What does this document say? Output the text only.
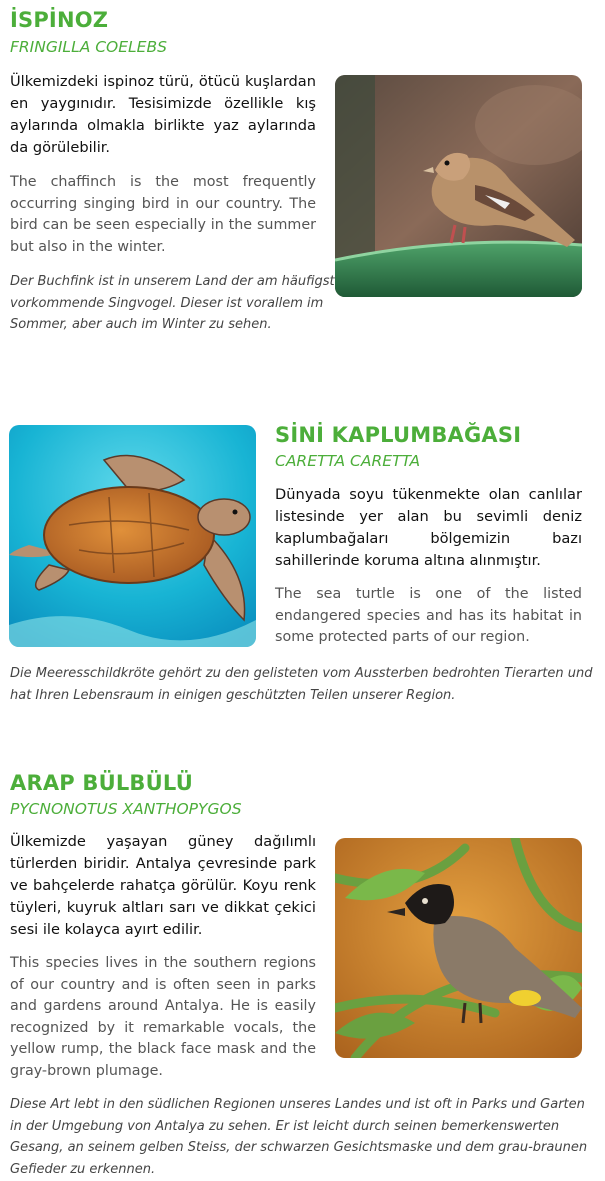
İSPİNOZ
FRINGILLA COELEBS

Ülkemizdeki ispinoz türü, ötücü kuşlardan en yaygınıdır. Tesisimizde özellikle kış aylarında olmakla birlikte yaz aylarında da görülebilir.

The chaffinch is the most frequently occurring singing bird in our country. The bird can be seen especially in the summer but also in the winter.

Der Buchfink ist in unserem Land der am häufigst vorkommende Singvogel. Dieser ist vorallem im Sommer, aber auch im Winter zu sehen.

SİNİ KAPLUMBAĞASI
CARETTA CARETTA

Dünyada soyu tükenmekte olan canlılar listesinde yer alan bu sevimli deniz kaplumbağaları bölgemizin bazı sahillerinde koruma altına alınmıştır.

The sea turtle is one of the listed endangered species and has its habitat in some protected parts of our region.

Die Meeresschildkröte gehört zu den gelisteten vom Aussterben bedrohten Tierarten und hat Ihren Lebensraum in einigen geschützten Teilen unserer Region.

ARAP BÜLBÜLÜ
PYCNONOTUS XANTHOPYGOS

Ülkemizde yaşayan güney dağılımlı türlerden biridir. Antalya çevresinde park ve bahçelerde rahatça görülür. Koyu renk tüyleri, kuyruk altları sarı ve dikkat çekici sesi ile kolayca ayırt edilir.

This species lives in the southern regions of our country and is often seen in parks and gardens around Antalya. He is easily recognized by it remarkable vocals, the yellow rump, the black face mask and the gray-brown plumage.

Diese Art lebt in den südlichen Regionen unseres Landes und ist oft in Parks und Garten in der Umgebung von Antalya zu sehen. Er ist leicht durch seinen bemerkenswerten Gesang, an seinem gelben Steiss, der schwarzen Gesichtsmaske und dem grau-braunen Gefieder zu erkennen.
